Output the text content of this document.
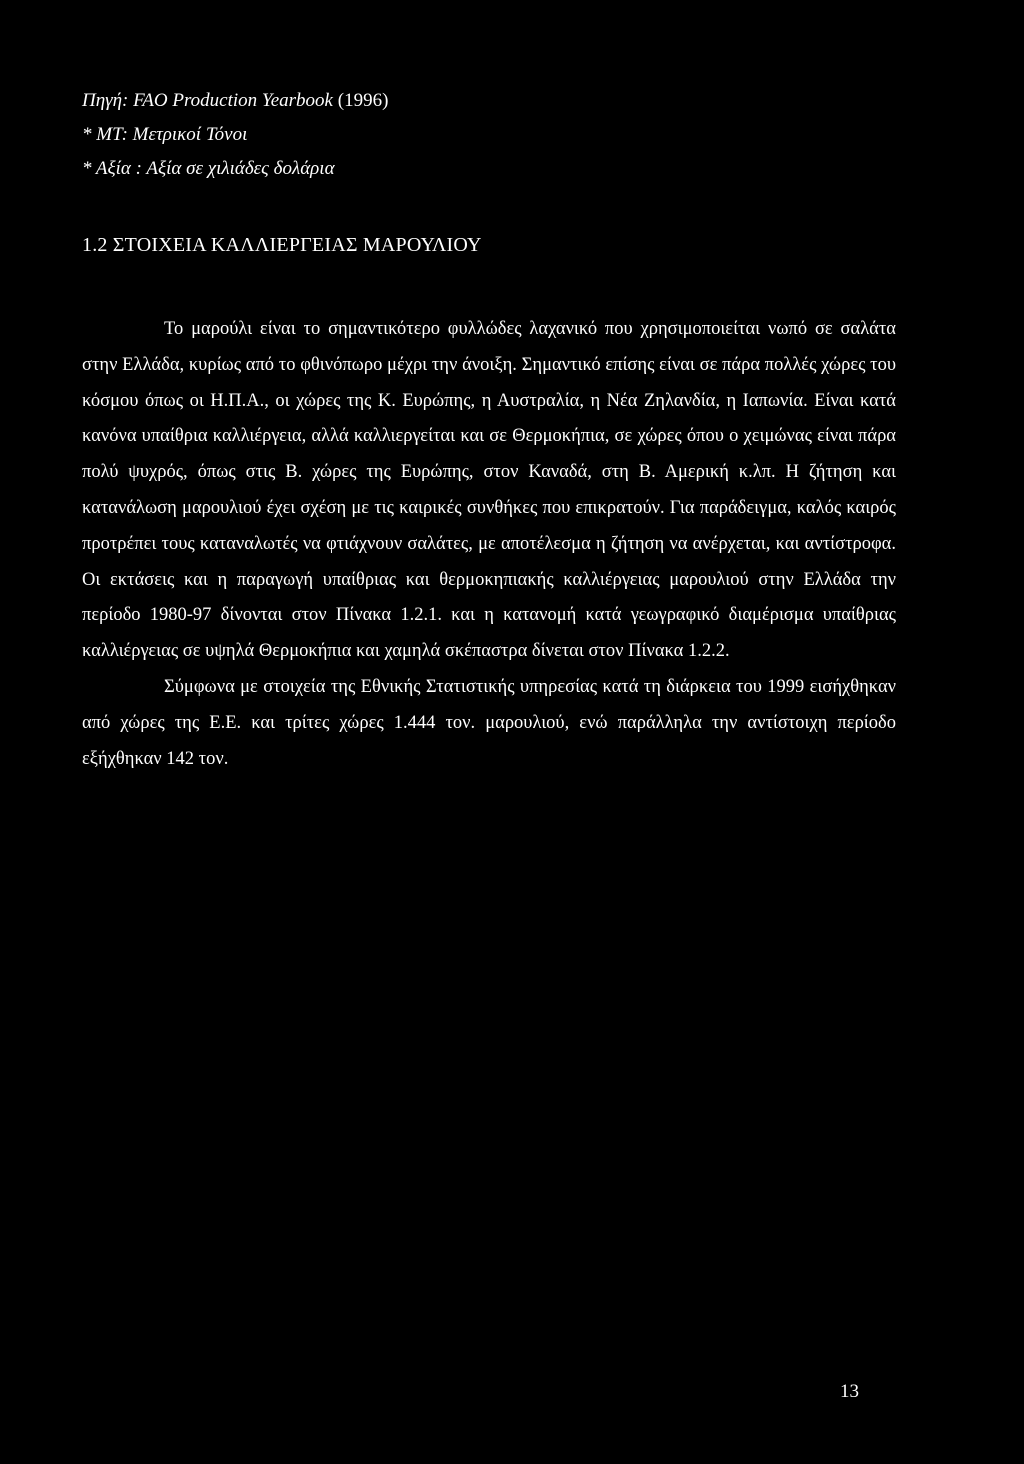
Πηγή: FAO Production Yearbook (1996)
* ΜΤ: Μετρικοί Τόνοι
* Αξία : Αξία σε χιλιάδες δολάρια
1.2 ΣΤΟΙΧΕΙΑ ΚΑΛΛΙΕΡΓΕΙΑΣ ΜΑΡΟΥΛΙΟΥ

Το μαρούλι είναι το σημαντικότερο φυλλώδες λαχανικό που χρησιμοποιείται νωπό σε σαλάτα στην Ελλάδα, κυρίως από το φθινόπωρο μέχρι την άνοιξη. Σημαντικό επίσης είναι σε πάρα πολλές χώρες του κόσμου όπως οι Η.Π.Α., οι χώρες της Κ. Ευρώπης, η Αυστραλία, η Νέα Ζηλανδία, η Ιαπωνία. Είναι κατά κανόνα υπαίθρια καλλιέργεια, αλλά καλλιεργείται και σε Θερμοκήπια, σε χώρες όπου ο χειμώνας είναι πάρα πολύ ψυχρός, όπως στις Β. χώρες της Ευρώπης, στον Καναδά, στη Β. Αμερική κ.λπ. Η ζήτηση και κατανάλωση μαρουλιού έχει σχέση με τις καιρικές συνθήκες που επικρατούν. Για παράδειγμα, καλός καιρός προτρέπει τους καταναλωτές να φτιάχνουν σαλάτες, με αποτέλεσμα η ζήτηση να ανέρχεται, και αντίστροφα. Οι εκτάσεις και η παραγωγή υπαίθριας και θερμοκηπιακής καλλιέργειας μαρουλιού στην Ελλάδα την περίοδο 1980-97 δίνονται στον Πίνακα 1.2.1. και η κατανομή κατά γεωγραφικό διαμέρισμα υπαίθριας καλλιέργειας σε υψηλά Θερμοκήπια και χαμηλά σκέπαστρα δίνεται στον Πίνακα 1.2.2.

Σύμφωνα με στοιχεία της Εθνικής Στατιστικής υπηρεσίας κατά τη διάρκεια του 1999 εισήχθηκαν από χώρες της Ε.Ε. και τρίτες χώρες 1.444 τον. μαρουλιού, ενώ παράλληλα την αντίστοιχη περίοδο εξήχθηκαν 142 τον.

13
